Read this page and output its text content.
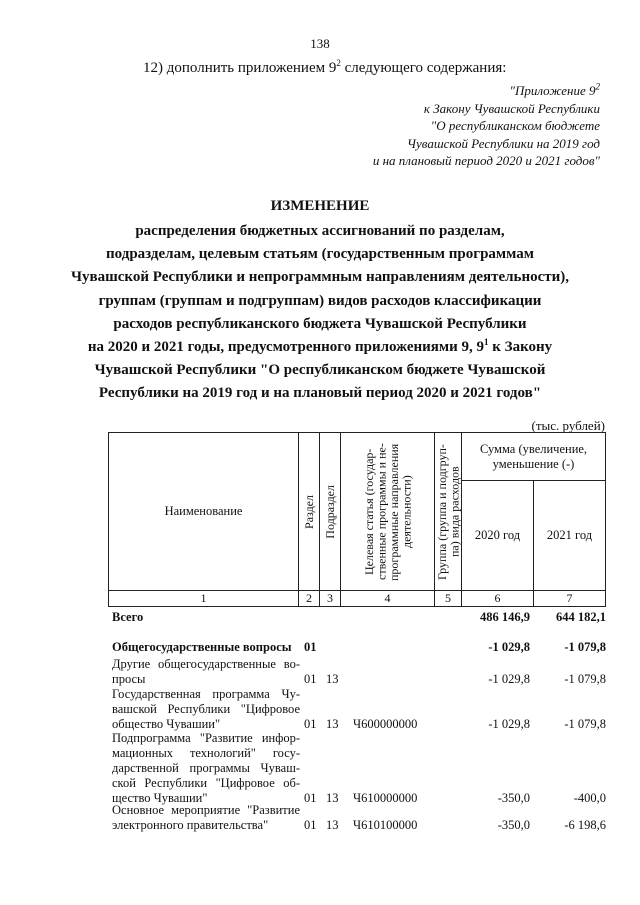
138
12) дополнить приложением $9^2$ следующего содержания:
"Приложение $9^2$
к Закону Чувашской Республики
"О республиканском бюджете
Чувашской Республики на 2019 год
и на плановый период 2020 и 2021 годов"
ИЗМЕНЕНИЕ
распределения бюджетных ассигнований по разделам,
подразделам, целевым статьям (государственным программам
Чувашской Республики и непрограммным направлениям деятельности),
группам (группам и подгруппам) видов расходов классификации
расходов республиканского бюджета Чувашской Республики
на 2020 и 2021 годы, предусмотренного приложениями 9, $9^1$ к Закону
Чувашской Республики "О республиканском бюджете Чувашской
Республики на 2019 год и на плановый период 2020 и 2021 годов"
(тыс. рублей)
Наименование	Раздел	Подраздел	Целевая статья (государ-ственные программы и не-программные направления деятельности)	Группа (группа и подгруп-па) вида расходов	Сумма (увеличение, уменьшение (-)	
					2020 год	2021 год
1	2	3	4	5	6	7
Всего	486 146,9	644 182,1
Общегосударственные вопросы 01	-1 029,8	-1 079,8
Другие общегосударственные во-
просы	01 13	-1 029,8	-1 079,8
Государственная программа Чу-
вашской Республики "Цифровое
общество Чувашии"	01 13	Ч600000000	-1 029,8	-1 079,8
Подпрограмма "Развитие инфор-
мационных технологий" госу-
дарственной программы Чуваш-
ской Республики "Цифровое об-
щество Чувашии"	01 13	Ч610000000	-350,0	-400,0
Основное мероприятие "Развитие
электронного правительства"	01 13	Ч610100000	-350,0	-6 198,6
